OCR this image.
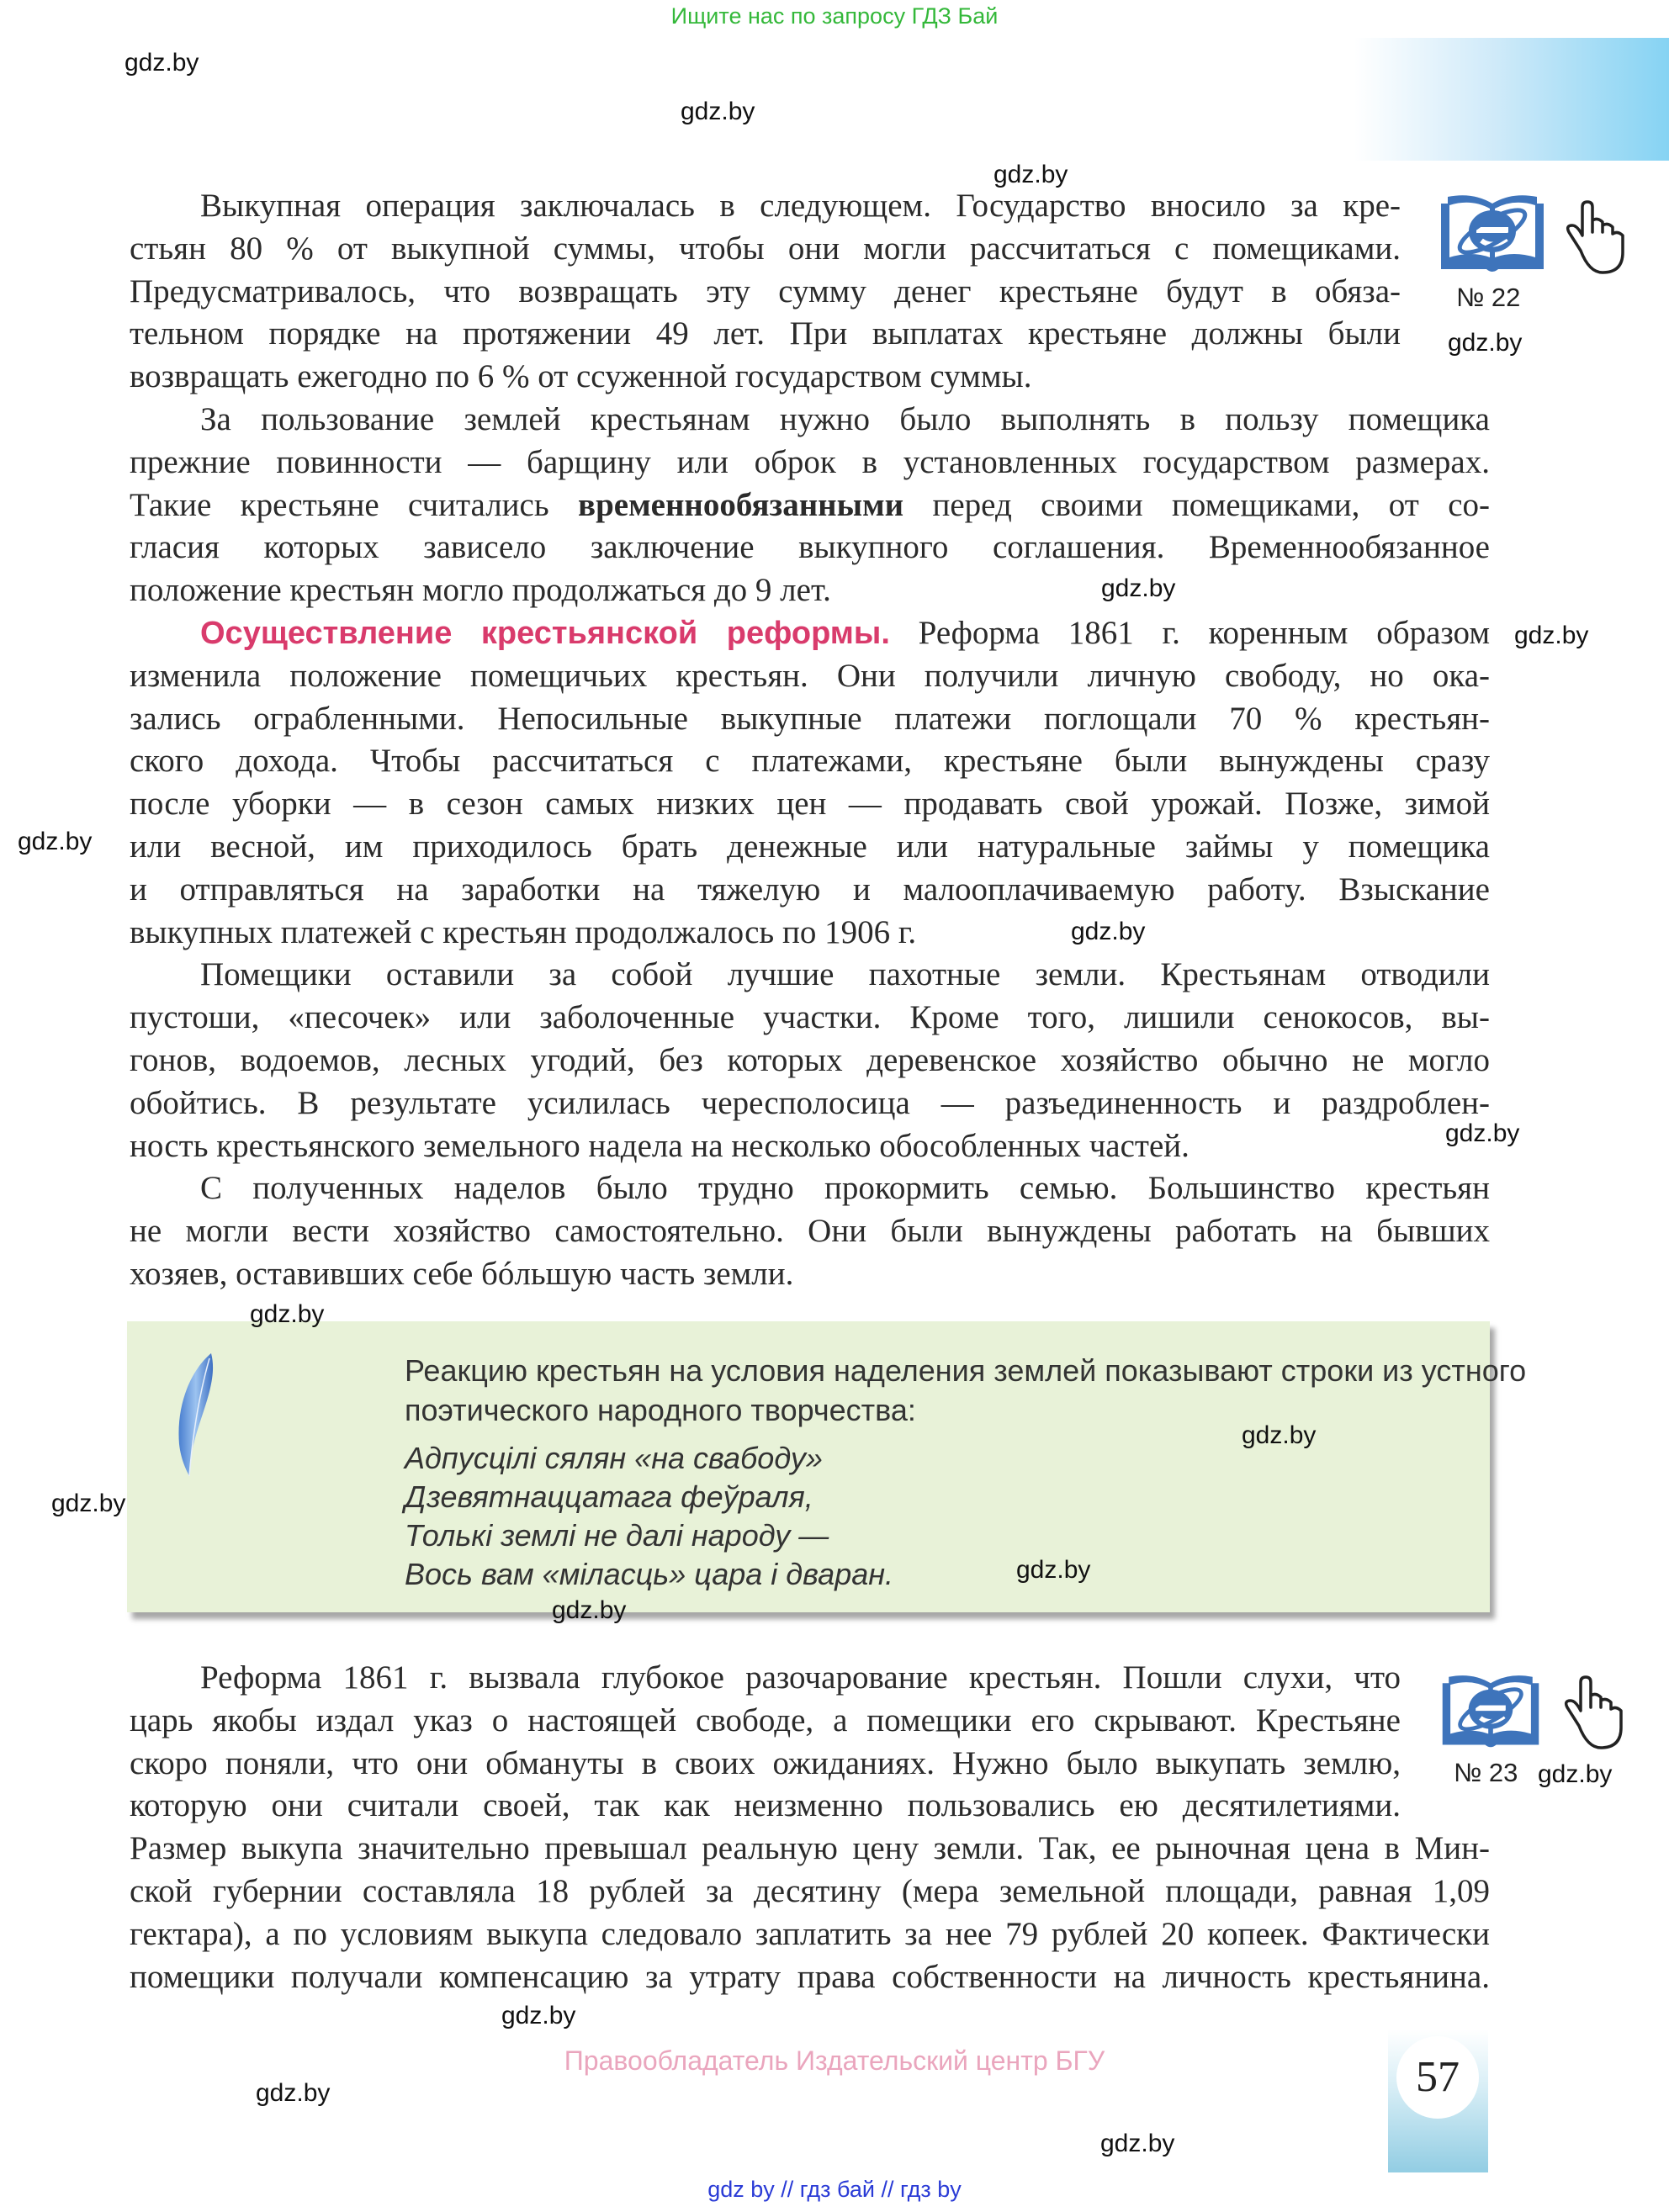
Ищите нас по запросу ГДЗ Бай
Выкупная операция заключалась в следующем. Государство вносило за кре-
стьян 80 % от выкупной суммы, чтобы они могли рассчитаться с помещиками.
Предусматривалось, что возвращать эту сумму денег крестьяне будут в обяза-
тельном порядке на протяжении 49 лет. При выплатах крестьяне должны были
возвращать ежегодно по 6 % от ссуженной государством суммы.
За пользование землей крестьянам нужно было выполнять в пользу помещика
прежние повинности — барщину или оброк в установленных государством размерах.
Такие крестьяне считались временнообязанными перед своими помещиками, от со-
гласия которых зависело заключение выкупного соглашения. Временнообязанное
положение крестьян могло продолжаться до 9 лет.
Осуществление крестьянской реформы. Реформа 1861 г. коренным образом
изменила положение помещичьих крестьян. Они получили личную свободу, но ока-
зались ограбленными. Непосильные выкупные платежи поглощали 70 % крестьян-
ского дохода. Чтобы рассчитаться с платежами, крестьяне были вынуждены сразу
после уборки — в сезон самых низких цен — продавать свой урожай. Позже, зимой
или весной, им приходилось брать денежные или натуральные займы у помещика
и отправляться на заработки на тяжелую и малооплачиваемую работу. Взыскание
выкупных платежей с крестьян продолжалось по 1906 г.
Помещики оставили за собой лучшие пахотные земли. Крестьянам отводили
пустоши, «песочек» или заболоченные участки. Кроме того, лишили сенокосов, вы-
гонов, водоемов, лесных угодий, без которых деревенское хозяйство обычно не могло
обойтись. В результате усилилась чересполосица — разъединенность и раздроблен-
ность крестьянского земельного надела на несколько обособленных частей.
С полученных наделов было трудно прокормить семью. Большинство крестьян
не могли вести хозяйство самостоятельно. Они были вынуждены работать на бывших
хозяев, оставивших себе бóльшую часть земли.
Реакцию крестьян на условия наделения землей показывают строки из устного
поэтического народного творчества:
Адпусцілі сялян «на свабоду»
Дзевятнаццатага феўраля,
Толькі землі не далі народу —
Вось вам «міласць» цара і дваран.
Реформа 1861 г. вызвала глубокое разочарование крестьян. Пошли слухи, что
царь якобы издал указ о настоящей свободе, а помещики его скрывают. Крестьяне
скоро поняли, что они обмануты в своих ожиданиях. Нужно было выкупать землю,
которую они считали своей, так как неизменно пользовались ею десятилетиями.
Размер выкупа значительно превышал реальную цену земли. Так, ее рыночная цена в Мин-
ской губернии составляла 18 рублей за десятину (мера земельной площади, равная 1,09
гектара), а по условиям выкупа следовало заплатить за нее 79 рублей 20 копеек. Фактически
помещики получали компенсацию за утрату права собственности на личность крестьянина.
№ 22
№ 23
gdz.by
gdz.by
gdz.by
gdz.by
gdz.by
gdz.by
gdz.by
gdz.by
gdz.by
gdz.by
gdz.by
gdz.by
gdz.by
gdz.by
gdz.by
gdz.by
gdz.by
gdz.by
Правообладатель Издательский центр БГУ	57
gdz by // гдз бай // гдз by
